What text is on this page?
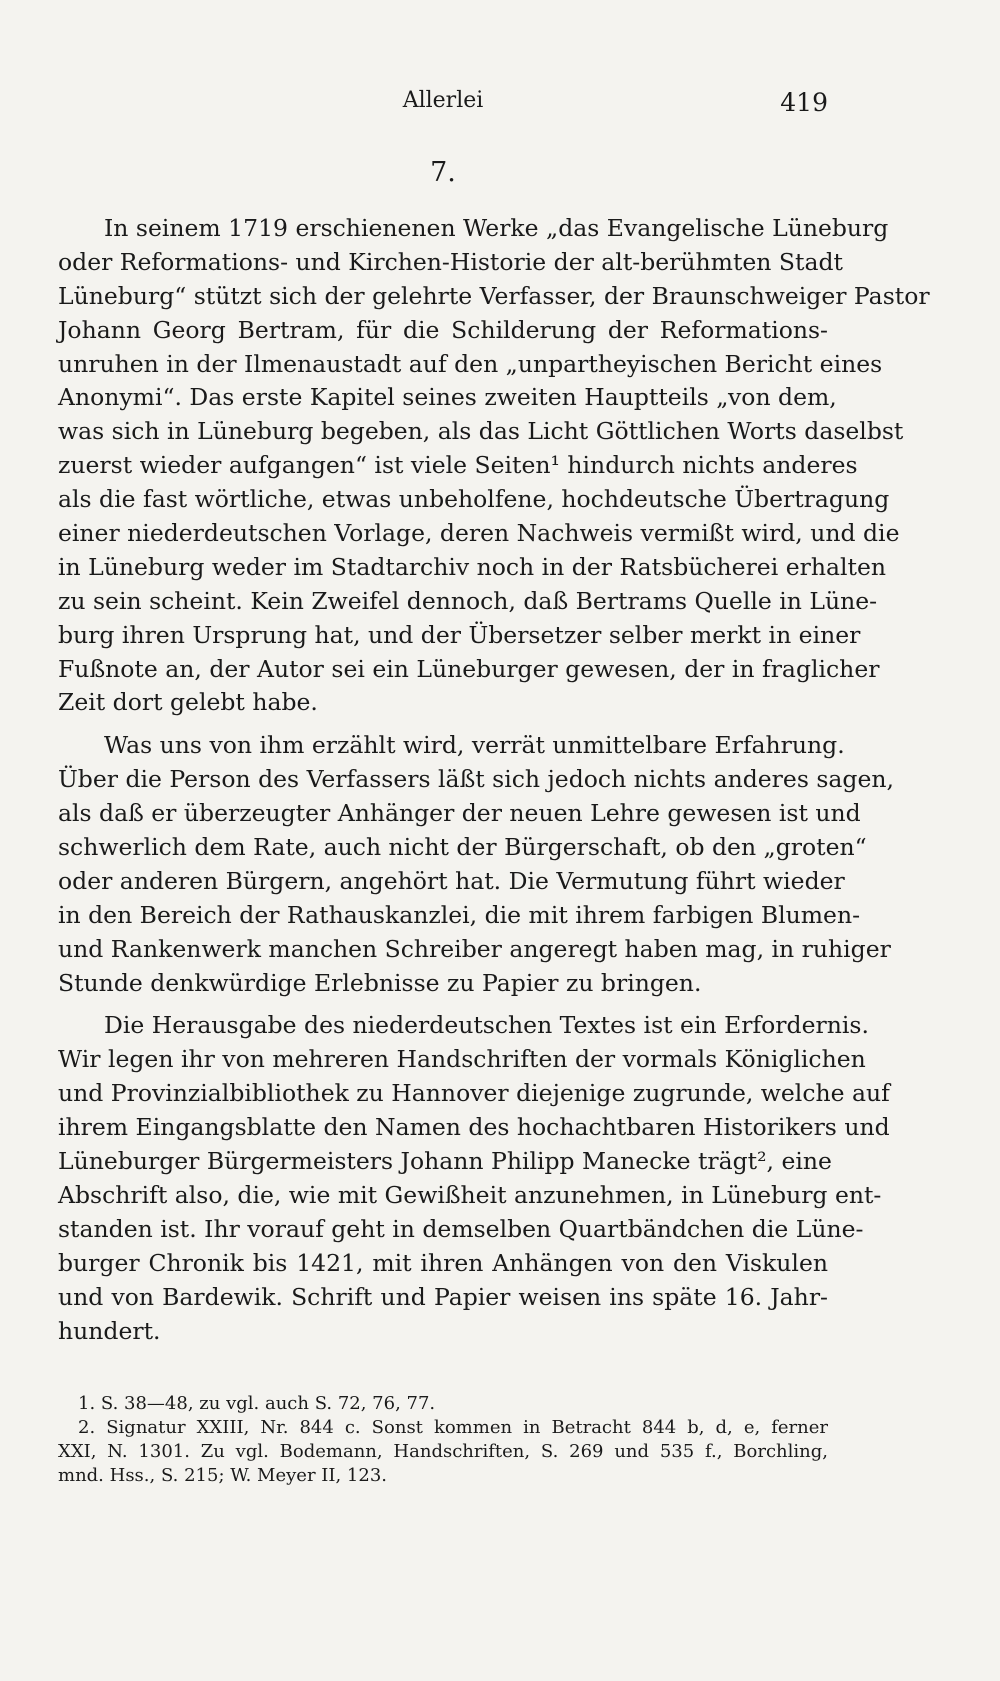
Allerlei	419
7.
In seinem 1719 erschienenen Werke „das Evangelische Lüneburg
oder Reformations- und Kirchen-Historie der alt-berühmten Stadt
Lüneburg“ stützt sich der gelehrte Verfasser, der Braunschweiger Pastor
Johann Georg Bertram, für die Schilderung der Reformations-
unruhen in der Ilmenaustadt auf den „unpartheyischen Bericht eines
Anonymi“. Das erste Kapitel seines zweiten Hauptteils „von dem,
was sich in Lüneburg begeben, als das Licht Göttlichen Worts daselbst
zuerst wieder aufgangen“ ist viele Seiten¹ hindurch nichts anderes
als die fast wörtliche, etwas unbeholfene, hochdeutsche Übertragung
einer niederdeutschen Vorlage, deren Nachweis vermißt wird, und die
in Lüneburg weder im Stadtarchiv noch in der Ratsbücherei erhalten
zu sein scheint. Kein Zweifel dennoch, daß Bertrams Quelle in Lüne-
burg ihren Ursprung hat, und der Übersetzer selber merkt in einer
Fußnote an, der Autor sei ein Lüneburger gewesen, der in fraglicher
Zeit dort gelebt habe.
Was uns von ihm erzählt wird, verrät unmittelbare Erfahrung.
Über die Person des Verfassers läßt sich jedoch nichts anderes sagen,
als daß er überzeugter Anhänger der neuen Lehre gewesen ist und
schwerlich dem Rate, auch nicht der Bürgerschaft, ob den „groten“
oder anderen Bürgern, angehört hat. Die Vermutung führt wieder
in den Bereich der Rathauskanzlei, die mit ihrem farbigen Blumen-
und Rankenwerk manchen Schreiber angeregt haben mag, in ruhiger
Stunde denkwürdige Erlebnisse zu Papier zu bringen.
Die Herausgabe des niederdeutschen Textes ist ein Erfordernis.
Wir legen ihr von mehreren Handschriften der vormals Königlichen
und Provinzialbibliothek zu Hannover diejenige zugrunde, welche auf
ihrem Eingangsblatte den Namen des hochachtbaren Historikers und
Lüneburger Bürgermeisters Johann Philipp Manecke trägt², eine
Abschrift also, die, wie mit Gewißheit anzunehmen, in Lüneburg ent-
standen ist. Ihr vorauf geht in demselben Quartbändchen die Lüne-
burger Chronik bis 1421, mit ihren Anhängen von den Viskulen
und von Bardewik. Schrift und Papier weisen ins späte 16. Jahr-
hundert.
1. S. 38—48, zu vgl. auch S. 72, 76, 77.
2. Signatur XXIII, Nr. 844 c. Sonst kommen in Betracht 844 b, d, e, ferner
XXI, N. 1301. Zu vgl. Bodemann, Handschriften, S. 269 und 535 f., Borchling,
mnd. Hss., S. 215; W. Meyer II, 123.
